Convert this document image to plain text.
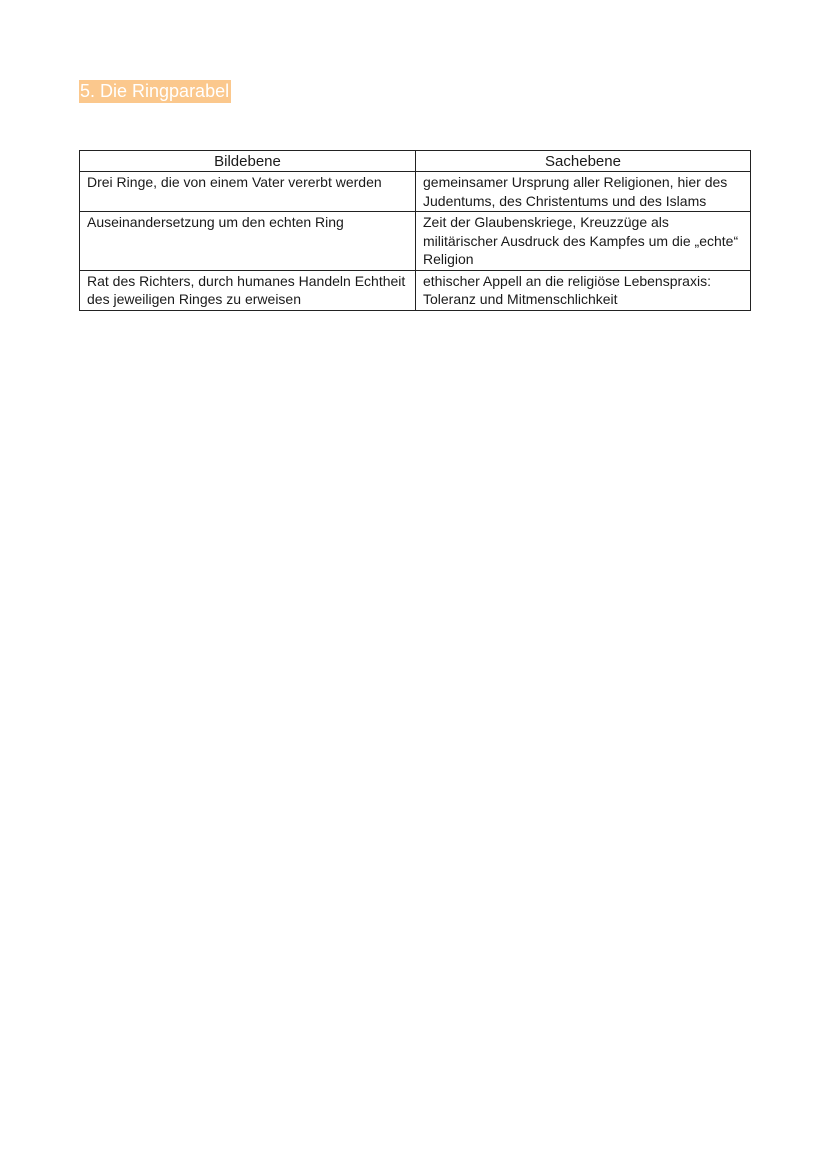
5. Die Ringparabel
Bildebene	Sachebene
Drei Ringe, die von einem Vater vererbt werden	gemeinsamer Ursprung aller Religionen, hier des Judentums, des Christentums und des Islams
Auseinandersetzung um den echten Ring	Zeit der Glaubenskriege, Kreuzzüge als militärischer Ausdruck des Kampfes um die „echte“ Religion
Rat des Richters, durch humanes Handeln Echtheit des jeweiligen Ringes zu erweisen	ethischer Appell an die religiöse Lebenspraxis: Toleranz und Mitmenschlichkeit
